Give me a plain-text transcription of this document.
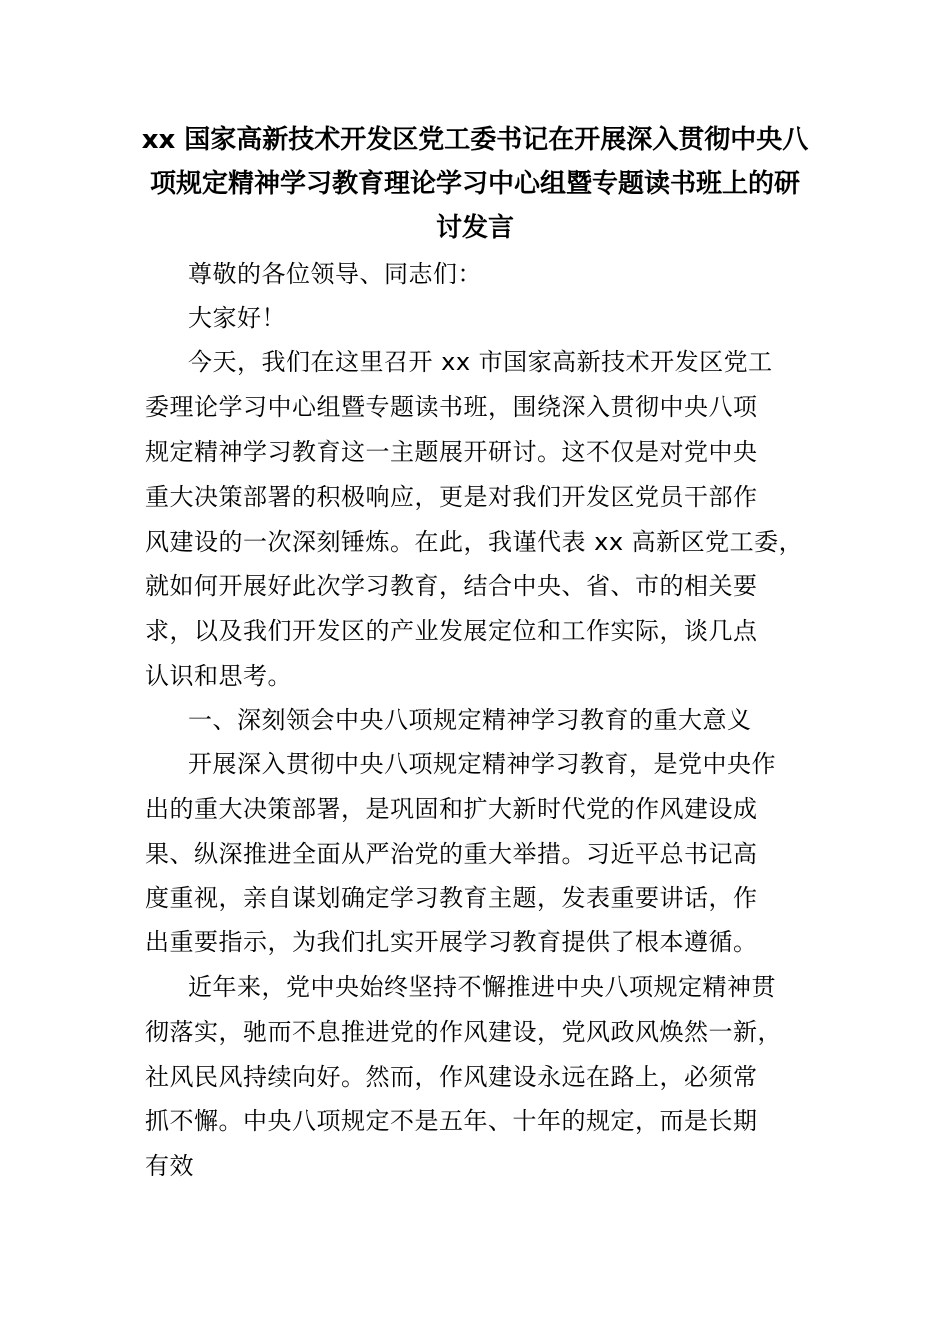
xx 国家高新技术开发区党工委书记在开展深入贯彻中央八
项规定精神学习教育理论学习中心组暨专题读书班上的研
讨发言
尊敬的各位领导、同志们：
大家好！
今天，我们在这里召开 xx 市国家高新技术开发区党工
委理论学习中心组暨专题读书班，围绕深入贯彻中央八项
规定精神学习教育这一主题展开研讨。这不仅是对党中央
重大决策部署的积极响应，更是对我们开发区党员干部作
风建设的一次深刻锤炼。在此，我谨代表 xx 高新区党工委，
就如何开展好此次学习教育，结合中央、省、市的相关要
求，以及我们开发区的产业发展定位和工作实际，谈几点
认识和思考。
一、深刻领会中央八项规定精神学习教育的重大意义
开展深入贯彻中央八项规定精神学习教育，是党中央作
出的重大决策部署，是巩固和扩大新时代党的作风建设成
果、纵深推进全面从严治党的重大举措。习近平总书记高
度重视，亲自谋划确定学习教育主题，发表重要讲话，作
出重要指示，为我们扎实开展学习教育提供了根本遵循。
近年来，党中央始终坚持不懈推进中央八项规定精神贯
彻落实，驰而不息推进党的作风建设，党风政风焕然一新，
社风民风持续向好。然而，作风建设永远在路上，必须常
抓不懈。中央八项规定不是五年、十年的规定，而是长期
有效
